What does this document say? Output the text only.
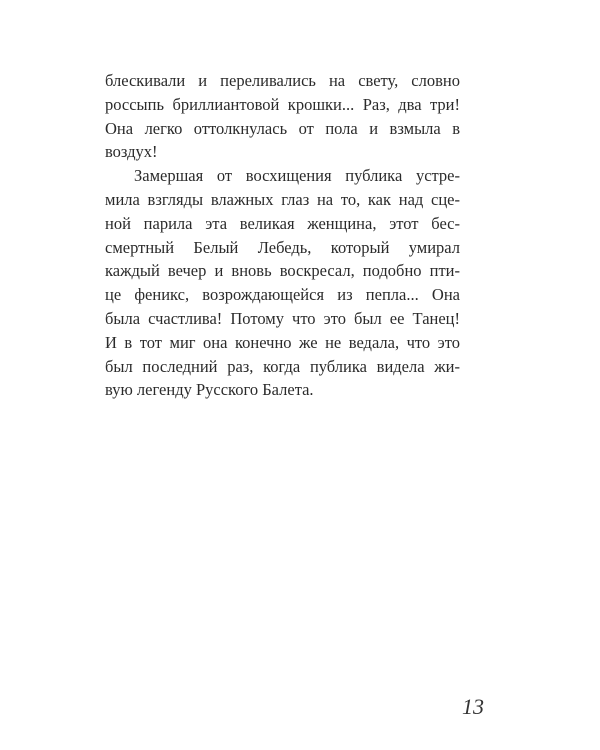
блескивали и переливались на свету, словно
россыпь бриллиантовой крошки... Раз, два три!
Она легко оттолкнулась от пола и взмыла в
воздух!
Замершая от восхищения публика устре-
мила взгляды влажных глаз на то, как над сце-
ной парила эта великая женщина, этот бес-
смертный Белый Лебедь, который умирал
каждый вечер и вновь воскресал, подобно пти-
це феникс, возрождающейся из пепла... Она
была счастлива! Потому что это был ее Танец!
И в тот миг она конечно же не ведала, что это
был последний раз, когда публика видела жи-
вую легенду Русского Балета.
13
